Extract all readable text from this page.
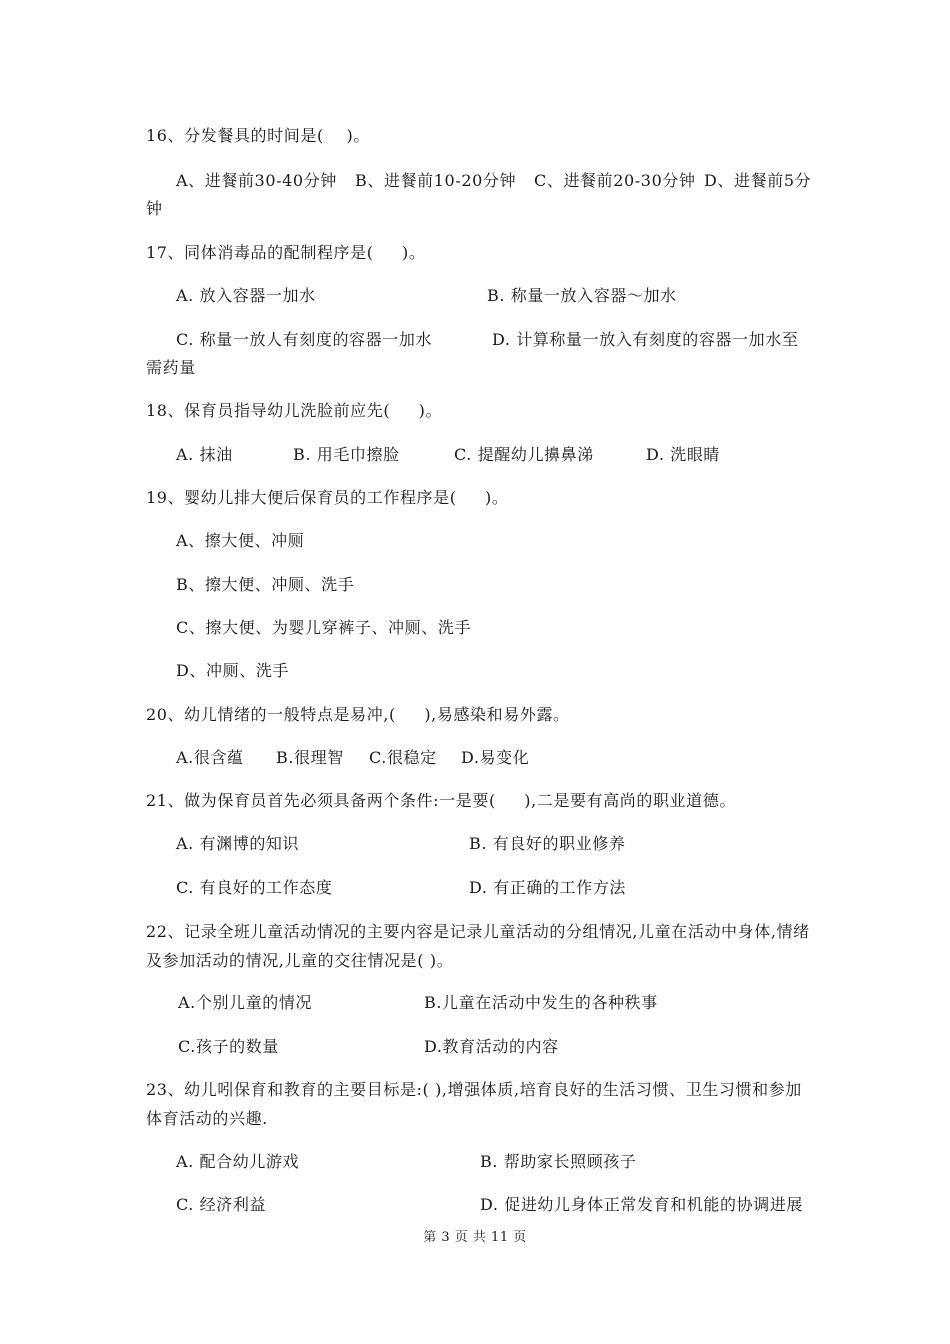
16、分发餐具的时间是(    )。
A、进餐前30-40分钟 B、进餐前10-20分钟 C、进餐前20-30分钟 D、进餐前5分
钟
17、同体消毒品的配制程序是(     )。
A. 放入容器一加水	B. 称量一放入容器～加水
C. 称量一放人有刻度的容器一加水	D. 计算称量一放入有刻度的容器一加水至
需药量
18、保育员指导幼儿洗脸前应先(     )。
A. 抹油	B. 用毛巾擦脸	C. 提醒幼儿擤鼻涕	D. 洗眼睛
19、婴幼儿排大便后保育员的工作程序是(     )。
A、擦大便、冲厕
B、擦大便、冲厕、洗手
C、擦大便、为婴儿穿裤子、冲厕、洗手
D、冲厕、洗手
20、幼儿情绪的一般特点是易冲,(     ),易感染和易外露。
A.很含蕴 B.很理智 C.很稳定 D.易变化
21、做为保育员首先必须具备两个条件:一是要(     ),二是要有高尚的职业道德。
A. 有渊博的知识	B. 有良好的职业修养
C. 有良好的工作态度	D. 有正确的工作方法
22、记录全班儿童活动情况的主要内容是记录儿童活动的分组情况,儿童在活动中身体,情绪及参加活动的情况,儿童的交往情况是( )。
A.个别儿童的情况	B.儿童在活动中发生的各种秩事
C.孩子的数量	D.教育活动的内容
23、幼儿吲保育和教育的主要目标是:( ),增强体质,培育良好的生活习惯、卫生习惯和参加体育活动的兴趣.
A. 配合幼儿游戏	B. 帮助家长照顾孩子
C. 经济利益	D. 促进幼儿身体正常发育和机能的协调进展
第 3 页 共 11 页
